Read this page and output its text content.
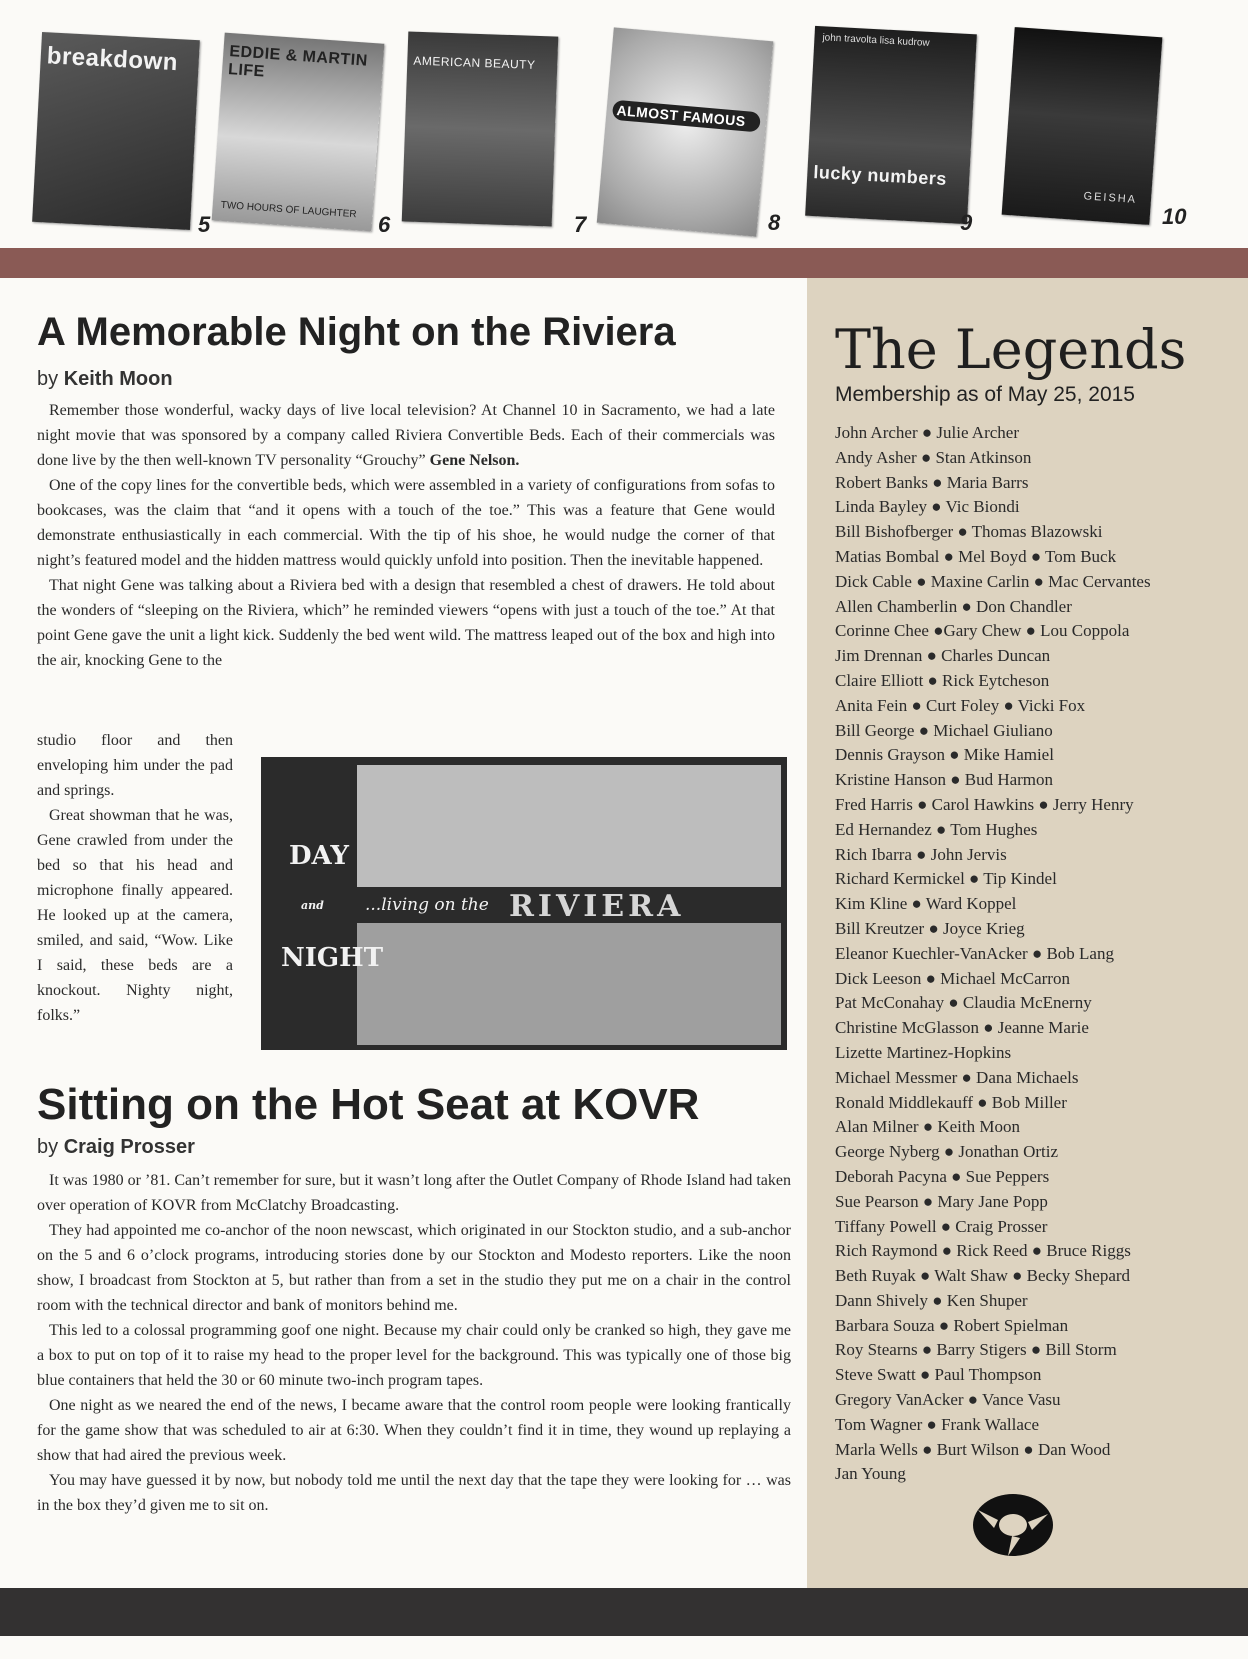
breakdown
5
EDDIE & MARTIN LIFE
TWO HOURS OF LAUGHTER
6
AMERICAN BEAUTY
7
ALMOST FAMOUS
8
john travolta lisa kudrow
lucky numbers
9
GEISHA
10
A Memorable Night on the Riviera
by Keith Moon

Remember those wonderful, wacky days of live local television? At Channel 10 in Sacramento, we had a late night movie that was sponsored by a company called Riviera Convertible Beds. Each of their commercials was done live by the then well-known TV personality “Grouchy” Gene Nelson.

One of the copy lines for the convertible beds, which were assembled in a variety of configurations from sofas to bookcases, was the claim that “and it opens with a touch of the toe.” This was a feature that Gene would demonstrate enthusiastically in each commercial. With the tip of his shoe, he would nudge the corner of that night’s featured model and the hidden mattress would quickly unfold into position. Then the inevitable happened.

That night Gene was talking about a Riviera bed with a design that resembled a chest of drawers. He told about the wonders of “sleeping on the Riviera, which” he reminded viewers “opens with just a touch of the toe.” At that point Gene gave the unit a light kick. Suddenly the bed went wild. The mattress leaped out of the box and high into the air, knocking Gene to the

studio floor and then enveloping him under the pad and springs.

Great showman that he was, Gene crawled from under the bed so that his head and microphone finally appeared. He looked up at the camera, smiled, and said, “Wow. Like I said, these beds are a knockout. Nighty night, folks.”

DAY
and
NIGHT
...living on the RIVIERA
Sitting on the Hot Seat at KOVR
by Craig Prosser

It was 1980 or ’81. Can’t remember for sure, but it wasn’t long after the Outlet Company of Rhode Island had taken over operation of KOVR from McClatchy Broadcasting.

They had appointed me co-anchor of the noon newscast, which originated in our Stockton studio, and a sub-anchor on the 5 and 6 o’clock programs, introducing stories done by our Stockton and Modesto reporters. Like the noon show, I broadcast from Stockton at 5, but rather than from a set in the studio they put me on a chair in the control room with the technical director and bank of monitors behind me.

This led to a colossal programming goof one night. Because my chair could only be cranked so high, they gave me a box to put on top of it to raise my head to the proper level for the background. This was typically one of those big blue containers that held the 30 or 60 minute two-inch program tapes.

One night as we neared the end of the news, I became aware that the control room people were looking frantically for the game show that was scheduled to air at 6:30. When they couldn’t find it in time, they wound up replaying a show that had aired the previous week.

You may have guessed it by now, but nobody told me until the next day that the tape they were looking for … was in the box they’d given me to sit on.

The Legends
Membership as of May 25, 2015
John Archer ● Julie Archer
Andy Asher ● Stan Atkinson
Robert Banks ● Maria Barrs
Linda Bayley ● Vic Biondi
Bill Bishofberger ● Thomas Blazowski
Matias Bombal ● Mel Boyd ● Tom Buck
Dick Cable ● Maxine Carlin ● Mac Cervantes
Allen Chamberlin ● Don Chandler
Corinne Chee ●Gary Chew ● Lou Coppola
Jim Drennan ● Charles Duncan
Claire Elliott ● Rick Eytcheson
Anita Fein ● Curt Foley ● Vicki Fox
Bill George ● Michael Giuliano
Dennis Grayson ● Mike Hamiel
Kristine Hanson ● Bud Harmon
Fred Harris ● Carol Hawkins ● Jerry Henry
Ed Hernandez ● Tom Hughes
Rich Ibarra ● John Jervis
Richard Kermickel ● Tip Kindel
Kim Kline ● Ward Koppel
Bill Kreutzer ● Joyce Krieg
Eleanor Kuechler-VanAcker ● Bob Lang
Dick Leeson ● Michael McCarron
Pat McConahay ● Claudia McEnerny
Christine McGlasson ● Jeanne Marie
Lizette Martinez-Hopkins
Michael Messmer ● Dana Michaels
Ronald Middlekauff ● Bob Miller
Alan Milner ● Keith Moon
George Nyberg ● Jonathan Ortiz
Deborah Pacyna ● Sue Peppers
Sue Pearson ● Mary Jane Popp
Tiffany Powell ● Craig Prosser
Rich Raymond ● Rick Reed ● Bruce Riggs
Beth Ruyak ● Walt Shaw ● Becky Shepard
Dann Shively ● Ken Shuper
Barbara Souza ● Robert Spielman
Roy Stearns ● Barry Stigers ● Bill Storm
Steve Swatt ● Paul Thompson
Gregory VanAcker ● Vance Vasu
Tom Wagner ● Frank Wallace
Marla Wells ● Burt Wilson ● Dan Wood
Jan Young
